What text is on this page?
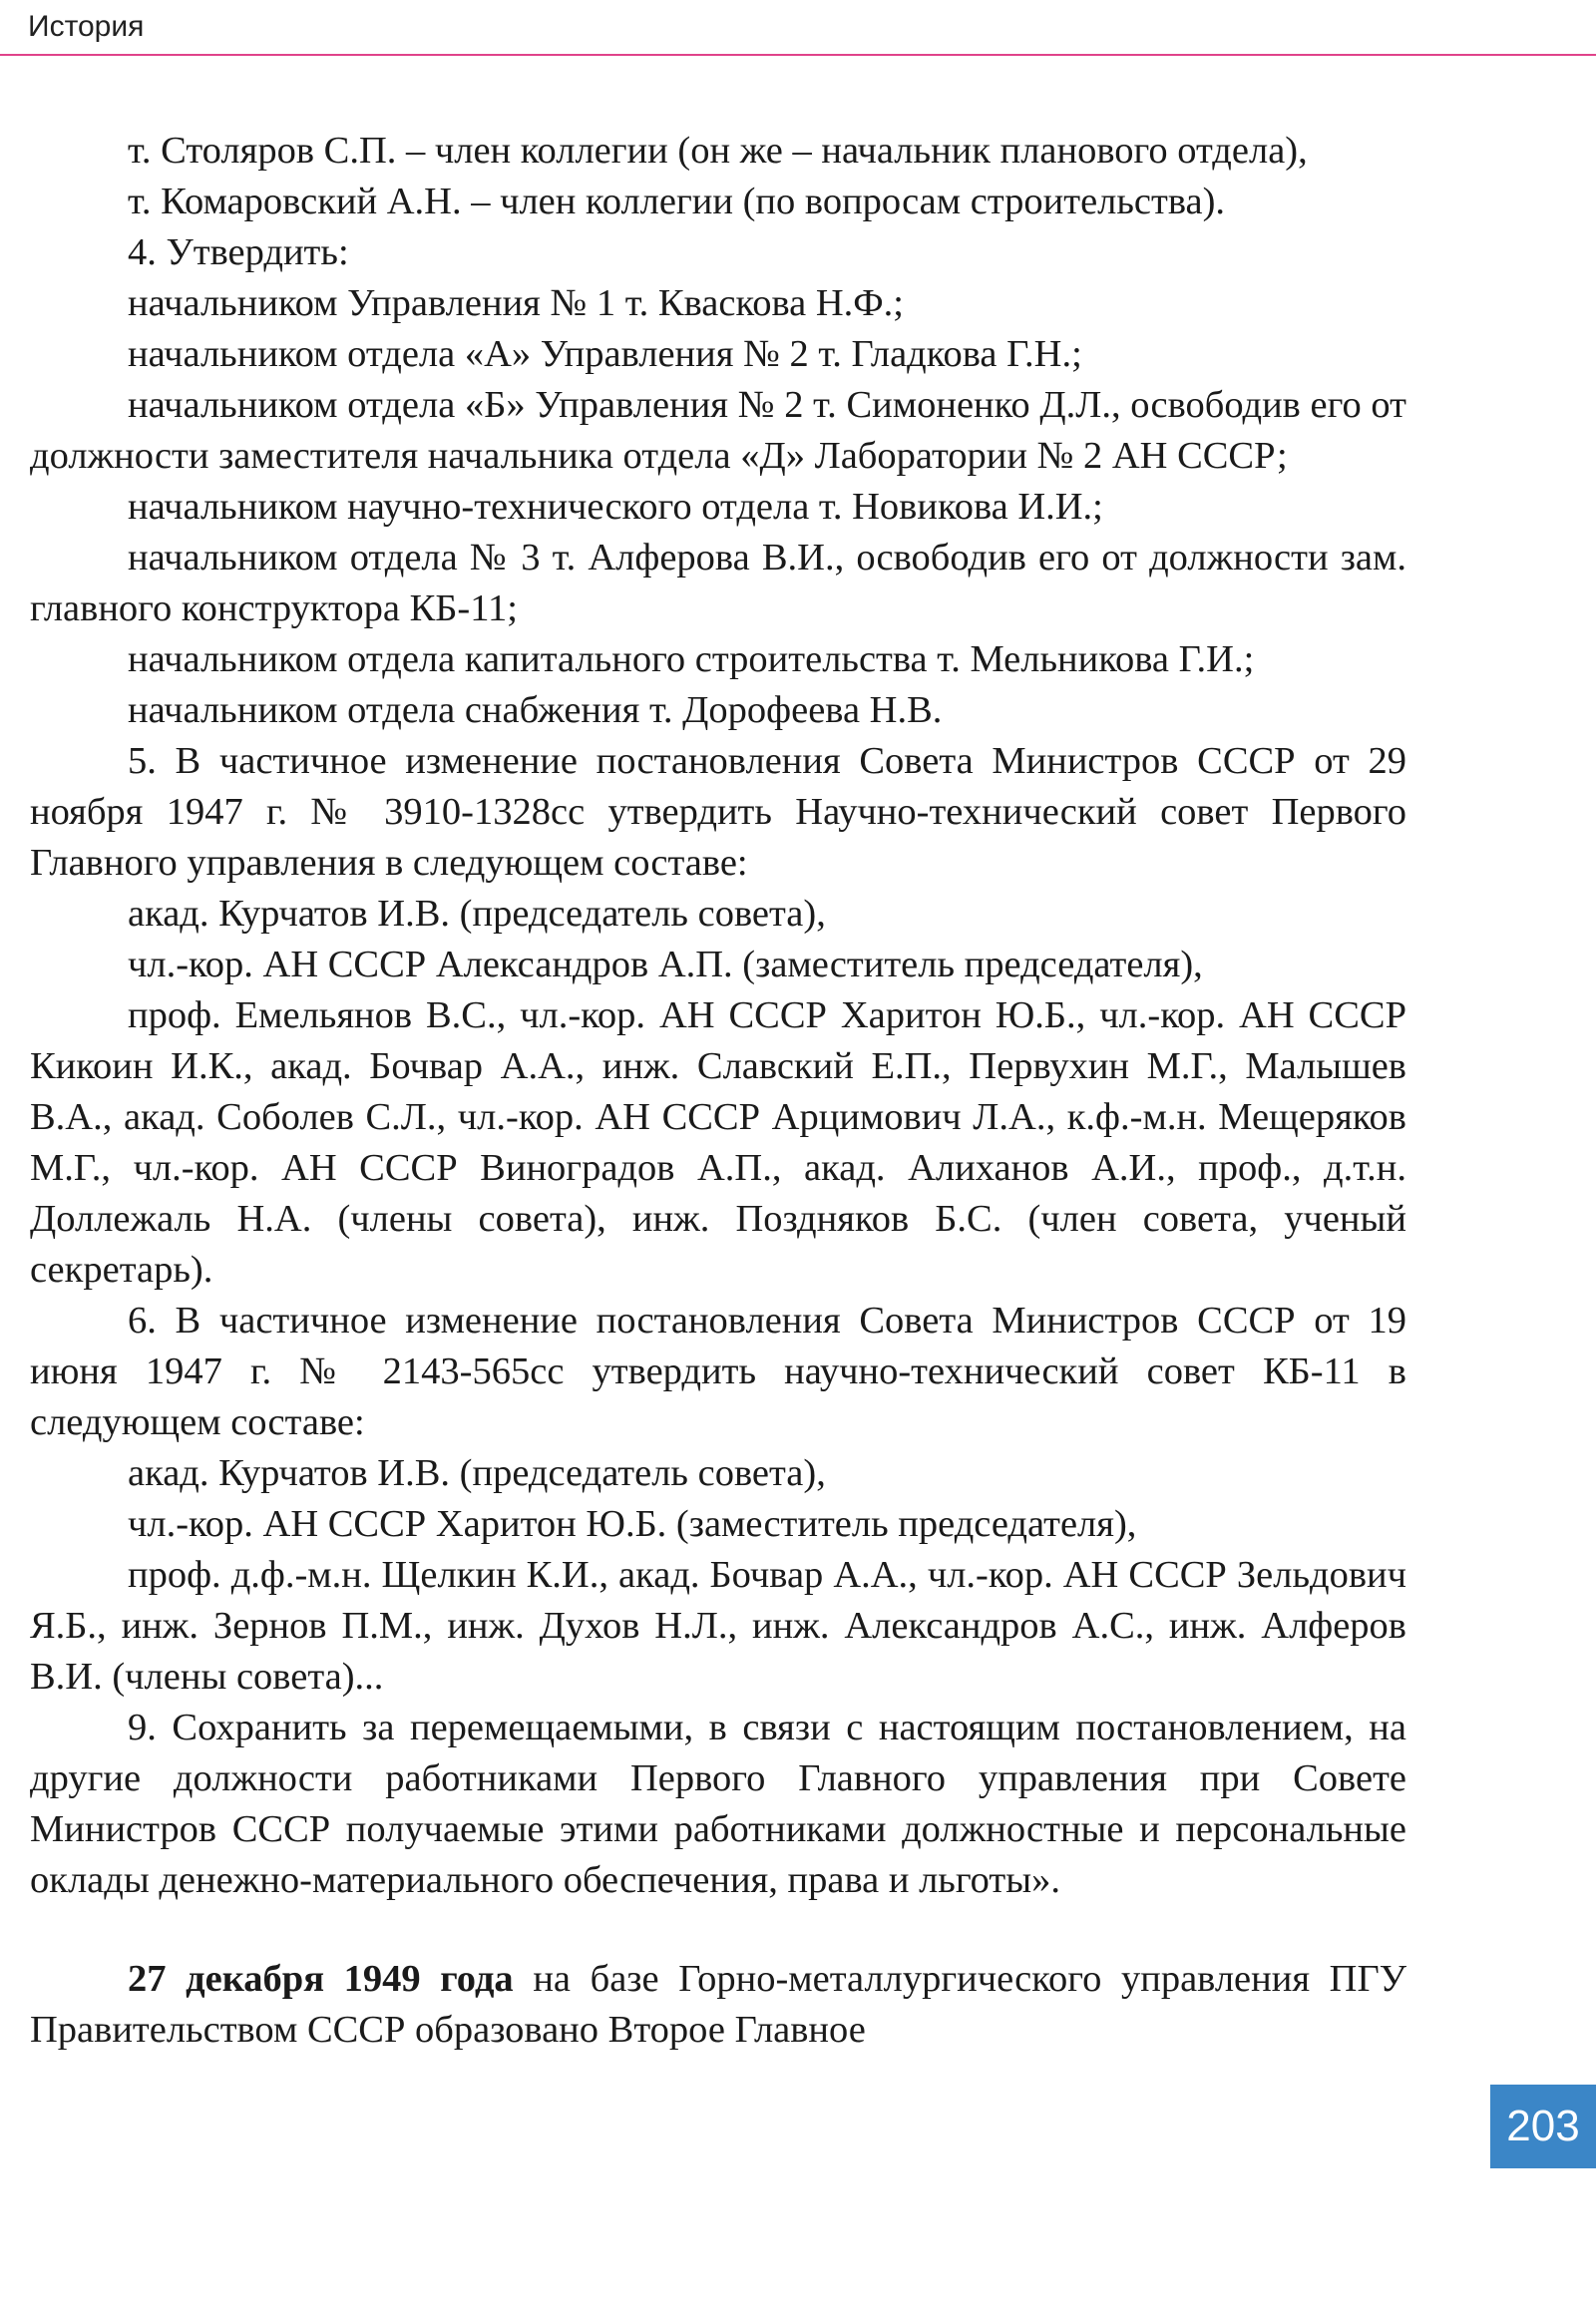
История

т. Столяров С.П. – член коллегии (он же – начальник планового отдела),

т. Комаровский А.Н. – член коллегии (по вопросам строительства).

4. Утвердить:

начальником Управления № 1 т. Кваскова Н.Ф.;

начальником отдела «А» Управления № 2 т. Гладкова Г.Н.;

начальником отдела «Б» Управления № 2 т. Симоненко Д.Л., освободив его от должности заместителя начальника отдела «Д» Лаборатории № 2 АН СССР;

начальником научно-технического отдела т. Новикова И.И.;

начальником отдела № 3 т. Алферова В.И., освободив его от должности зам. главного конструктора КБ-11;

начальником отдела капитального строительства т. Мельникова Г.И.;

начальником отдела снабжения т. Дорофеева Н.В.

5. В частичное изменение постановления Совета Министров СССР от 29 ноября 1947 г. № 3910-1328сс утвердить Научно-технический совет Первого Главного управления в следующем составе:

акад. Курчатов И.В. (председатель совета),

чл.-кор. АН СССР Александров А.П. (заместитель председателя),

проф. Емельянов В.С., чл.-кор. АН СССР Харитон Ю.Б., чл.-кор. АН СССР Кикоин И.К., акад. Бочвар А.А., инж. Славский Е.П., Первухин М.Г., Малышев В.А., акад. Соболев С.Л., чл.-кор. АН СССР Арцимович Л.А., к.ф.-м.н. Мещеряков М.Г., чл.-кор. АН СССР Виноградов А.П., акад. Алиханов А.И., проф., д.т.н. Доллежаль Н.А. (члены совета), инж. Поздняков Б.С. (член совета, ученый секретарь).

6. В частичное изменение постановления Совета Министров СССР от 19 июня 1947 г. № 2143-565сс утвердить научно-технический совет КБ-11 в следующем составе:

акад. Курчатов И.В. (председатель совета),

чл.-кор. АН СССР Харитон Ю.Б. (заместитель председателя),

проф. д.ф.-м.н. Щелкин К.И., акад. Бочвар А.А., чл.-кор. АН СССР Зельдович Я.Б., инж. Зернов П.М., инж. Духов Н.Л., инж. Александров А.С., инж. Алферов В.И. (члены совета)...

9. Сохранить за перемещаемыми, в связи с настоящим постановлением, на другие должности работниками Первого Главного управления при Совете Министров СССР получаемые этими работниками должностные и персональные оклады денежно-материального обеспечения, права и льготы».

27 декабря 1949 года на базе Горно-металлургического управления ПГУ Правительством СССР образовано Второе Главное

203
